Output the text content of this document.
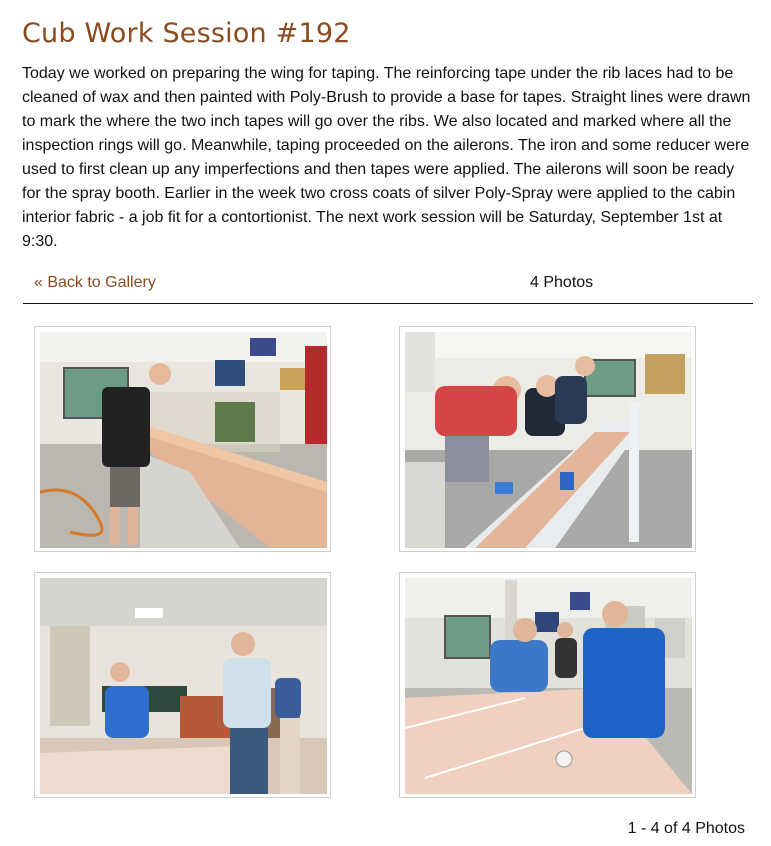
Cub Work Session #192

Today we worked on preparing the wing for taping. The reinforcing tape under the rib laces had to be cleaned of wax and then painted with Poly-Brush to provide a base for tapes. Straight lines were drawn to mark the where the two inch tapes will go over the ribs. We also located and marked where all the inspection rings will go. Meanwhile, taping proceeded on the ailerons. The iron and some reducer were used to first clean up any imperfections and then tapes were applied. The ailerons will soon be ready for the spray booth. Earlier in the week two cross coats of silver Poly-Spray were applied to the cabin interior fabric - a job fit for a contortionist. The next work session will be Saturday, September 1st at 9:30.

« Back to Gallery	4 Photos
1 - 4 of 4 Photos
